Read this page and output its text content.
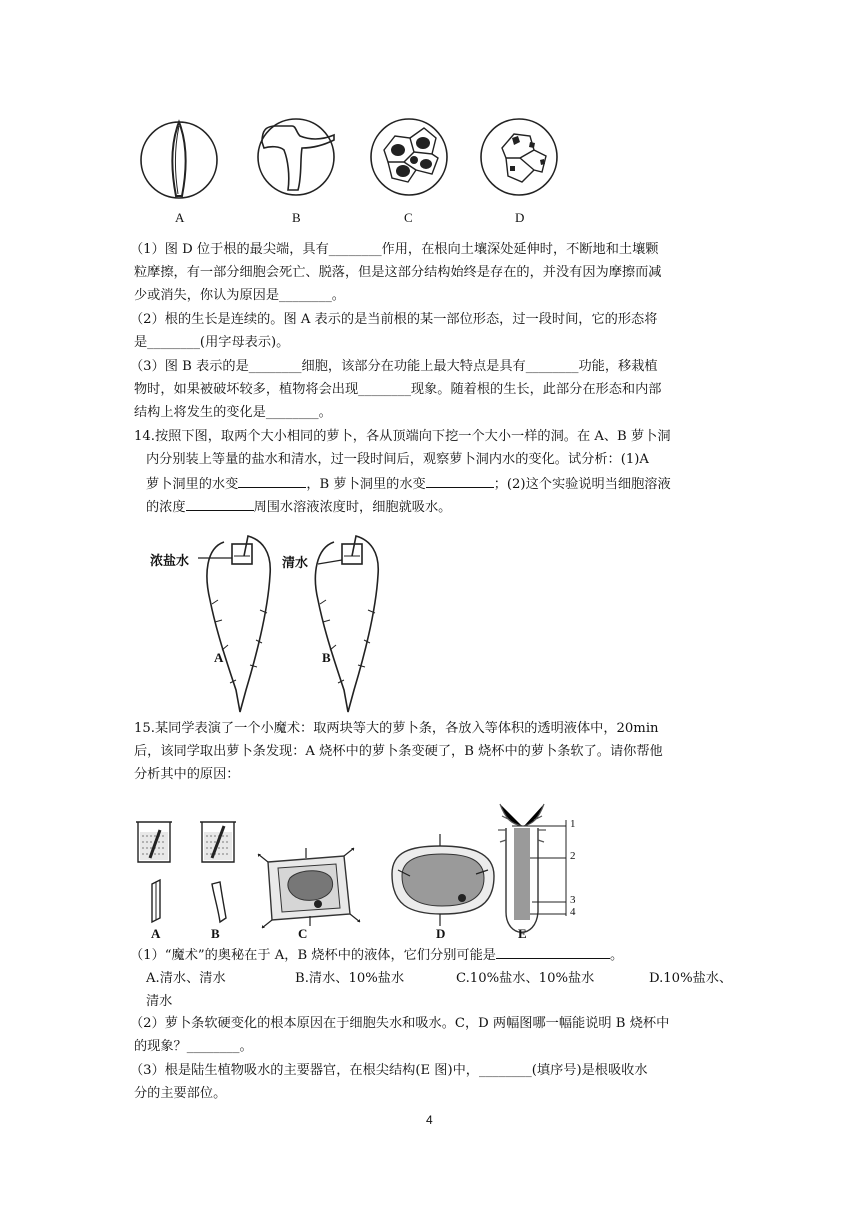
A	B	C	D
（1）图 D 位于根的最尖端，具有________作用，在根向土壤深处延伸时，不断地和土壤颗
粒摩擦，有一部分细胞会死亡、脱落，但是这部分结构始终是存在的，并没有因为摩擦而减
少或消失，你认为原因是________。
（2）根的生长是连续的。图 A 表示的是当前根的某一部位形态，过一段时间，它的形态将
是________(用字母表示)。
（3）图 B 表示的是________细胞，该部分在功能上最大特点是具有________功能，移栽植
物时，如果被破坏较多，植物将会出现________现象。随着根的生长，此部分在形态和内部
结构上将发生的变化是________。
14.按照下图，取两个大小相同的萝卜，各从顶端向下挖一个大小一样的洞。在 A、B 萝卜洞
内分别装上等量的盐水和清水，过一段时间后，观察萝卜洞内水的变化。试分析：(1)A
萝卜洞里的水变	，B 萝卜洞里的水变	；(2)这个实验说明当细胞溶液
的浓度	周围水溶液浓度时，细胞就吸水。
浓盐水	清水
A	B
15.某同学表演了一个小魔术：取两块等大的萝卜条，各放入等体积的透明液体中，20min
后，该同学取出萝卜条发现：A 烧杯中的萝卜条变硬了，B 烧杯中的萝卜条软了。请你帮他
分析其中的原因：
A	B	C	D	E
1
2
3
4
（1）“魔术”的奥秘在于 A，B 烧杯中的液体，它们分别可能是	。
A.清水、清水	B.清水、10%盐水	C.10%盐水、10%盐水	D.10%盐水、
清水
（2）萝卜条软硬变化的根本原因在于细胞失水和吸水。C，D 两幅图哪一幅能说明 B 烧杯中
的现象？________。
（3）根是陆生植物吸水的主要器官，在根尖结构(E 图)中，________(填序号)是根吸收水
分的主要部位。
4
